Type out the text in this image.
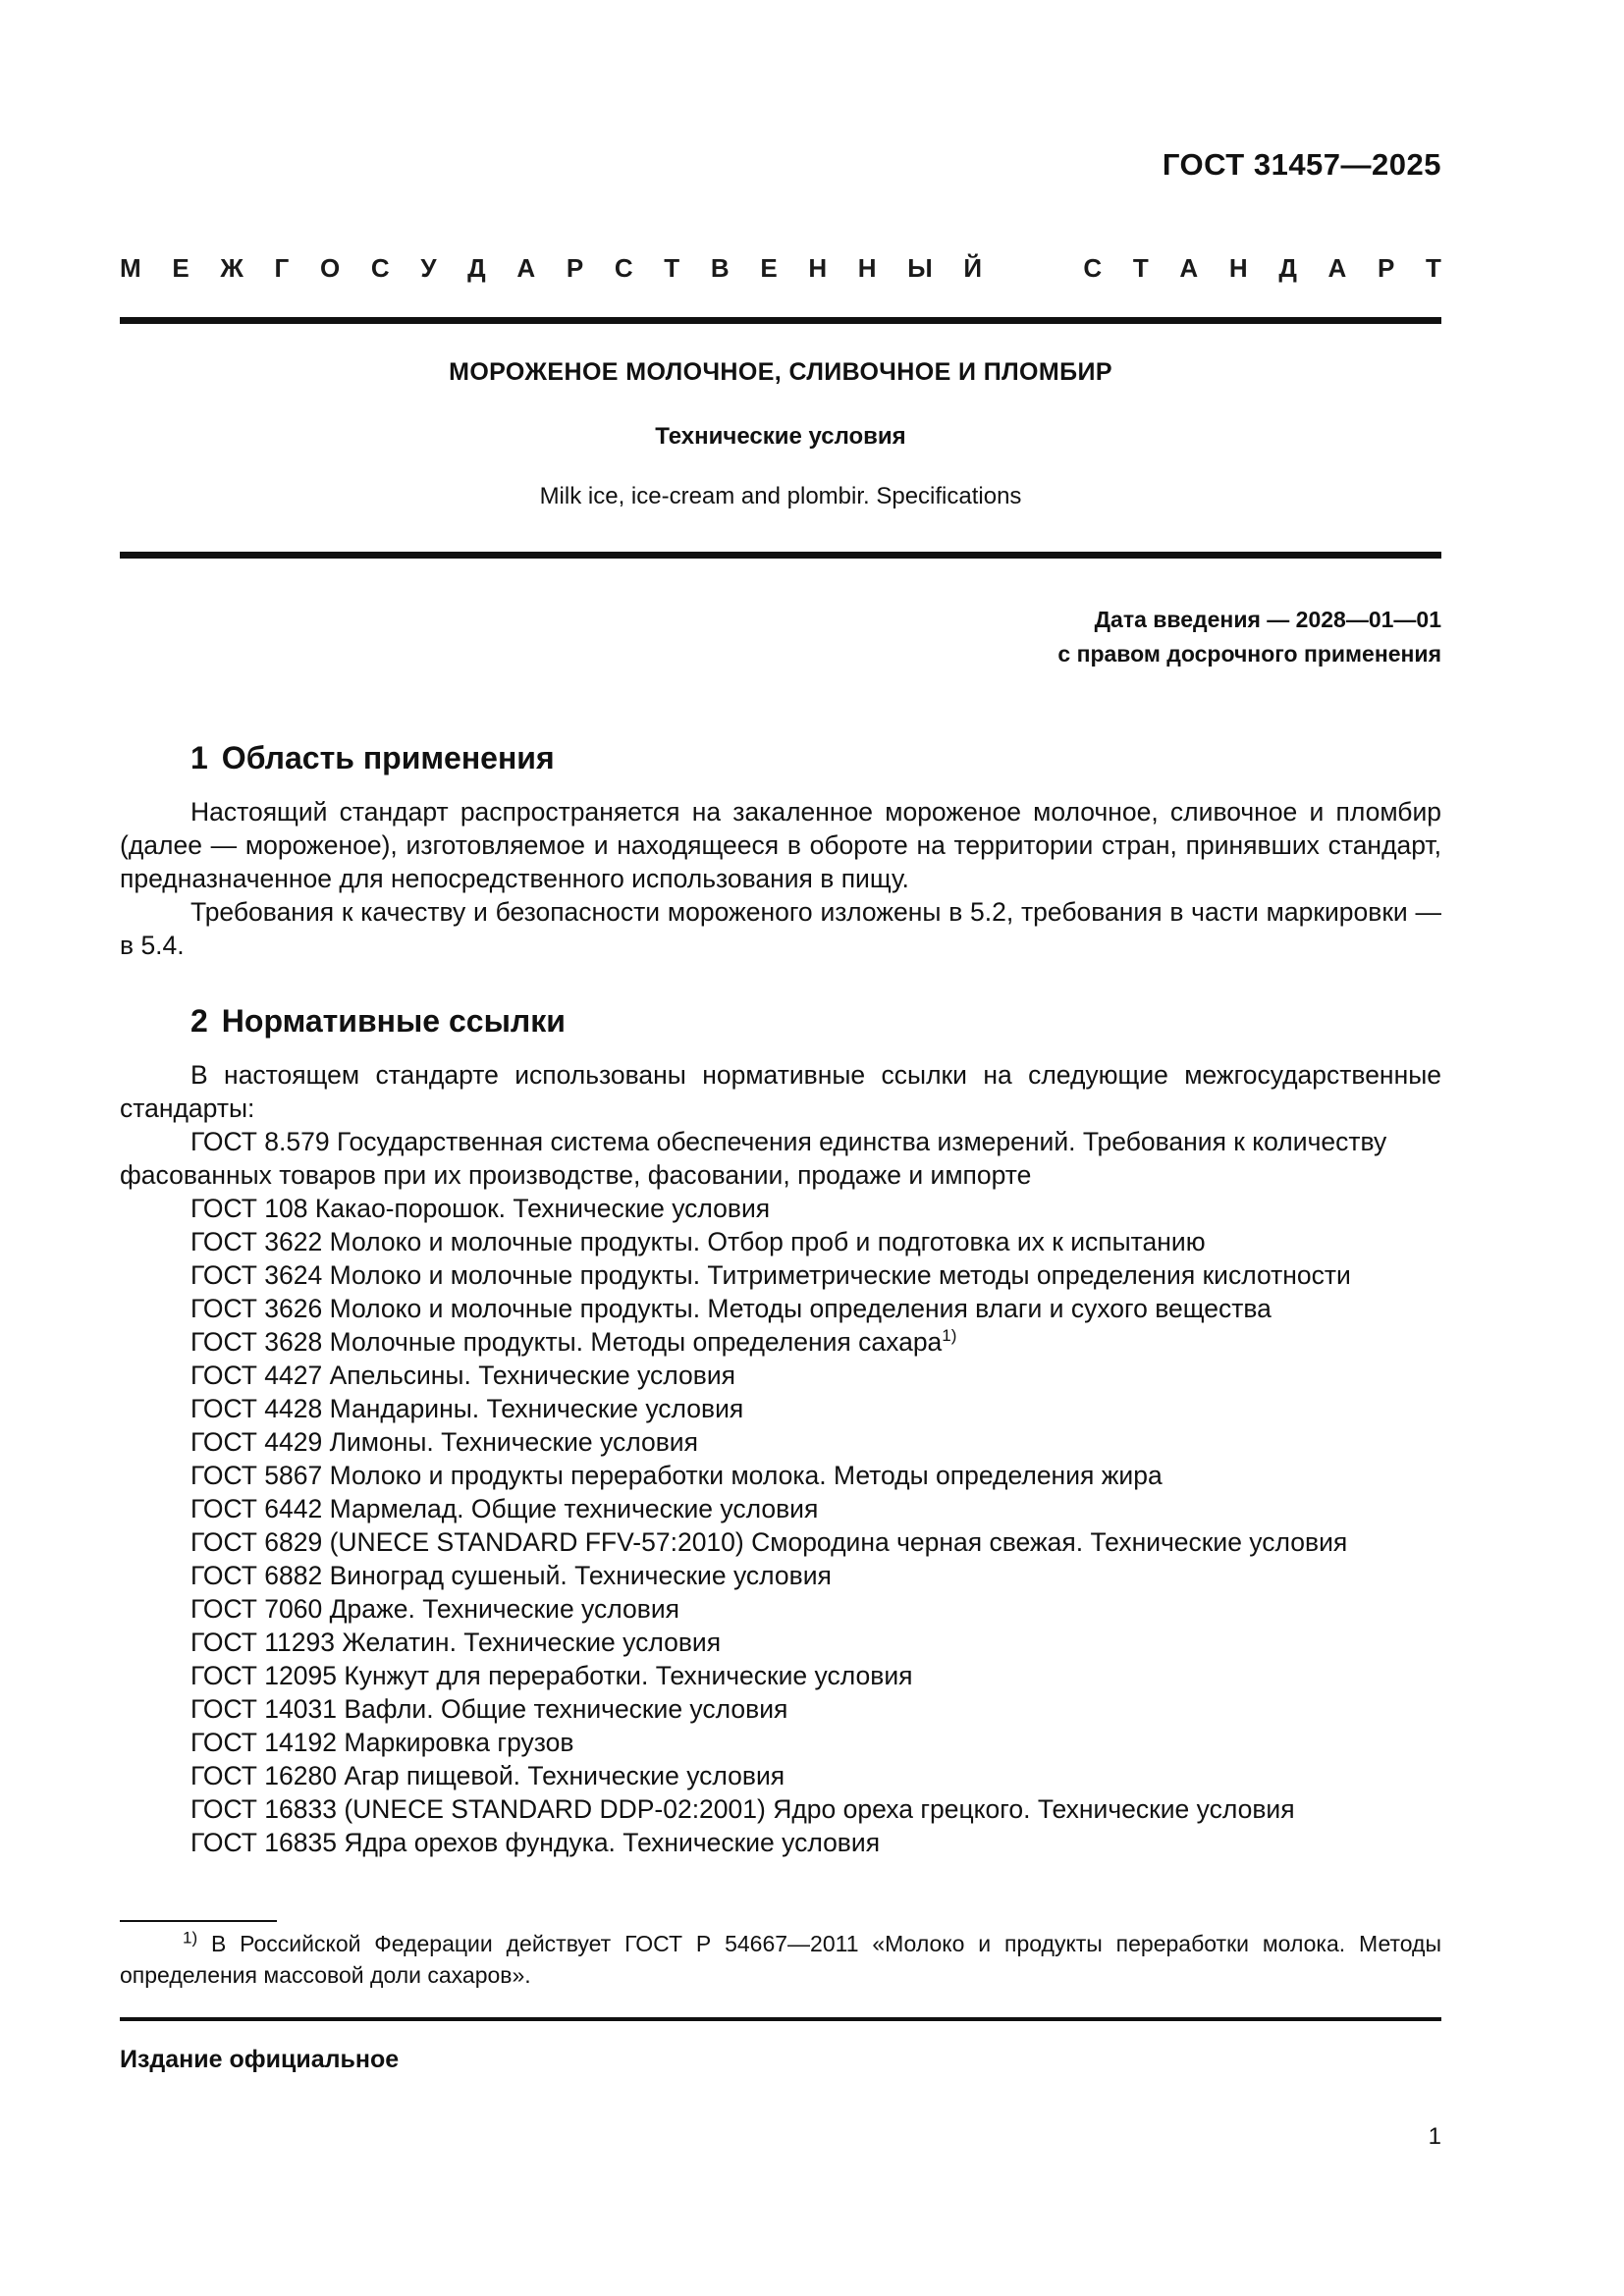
ГОСТ 31457—2025
М Е Ж Г О С У Д А Р С Т В Е Н Н Ы Й	С Т А Н Д А Р Т
МОРОЖЕНОЕ МОЛОЧНОЕ, СЛИВОЧНОЕ И ПЛОМБИР
Технические условия
Milk ice, ice-cream and plombir. Specifications
Дата введения — 2028—01—01
с правом досрочного применения
1 Область применения

Настоящий стандарт распространяется на закаленное мороженое молочное, сливочное и пломбир (далее — мороженое), изготовляемое и находящееся в обороте на территории стран, принявших стандарт, предназначенное для непосредственного использования в пищу.

Требования к качеству и безопасности мороженого изложены в 5.2, требования в части маркировки — в 5.4.

2 Нормативные ссылки

В настоящем стандарте использованы нормативные ссылки на следующие межгосударственные стандарты:

ГОСТ 8.579 Государственная система обеспечения единства измерений. Требования к количеству фасованных товаров при их производстве, фасовании, продаже и импорте
ГОСТ 108 Какао-порошок. Технические условия
ГОСТ 3622 Молоко и молочные продукты. Отбор проб и подготовка их к испытанию
ГОСТ 3624 Молоко и молочные продукты. Титриметрические методы определения кислотности
ГОСТ 3626 Молоко и молочные продукты. Методы определения влаги и сухого вещества
ГОСТ 3628 Молочные продукты. Методы определения сахара$^{1)}$
ГОСТ 4427 Апельсины. Технические условия
ГОСТ 4428 Мандарины. Технические условия
ГОСТ 4429 Лимоны. Технические условия
ГОСТ 5867 Молоко и продукты переработки молока. Методы определения жира
ГОСТ 6442 Мармелад. Общие технические условия
ГОСТ 6829 (UNECE STANDARD FFV-57:2010) Смородина черная свежая. Технические условия
ГОСТ 6882 Виноград сушеный. Технические условия
ГОСТ 7060 Драже. Технические условия
ГОСТ 11293 Желатин. Технические условия
ГОСТ 12095 Кунжут для переработки. Технические условия
ГОСТ 14031 Вафли. Общие технические условия
ГОСТ 14192 Маркировка грузов
ГОСТ 16280 Агар пищевой. Технические условия
ГОСТ 16833 (UNECE STANDARD DDP-02:2001) Ядро ореха грецкого. Технические условия
ГОСТ 16835 Ядра орехов фундука. Технические условия
$^{1)}$ В Российской Федерации действует ГОСТ Р 54667—2011 «Молоко и продукты переработки молока. Методы определения массовой доли сахаров».
Издание официальное
1
